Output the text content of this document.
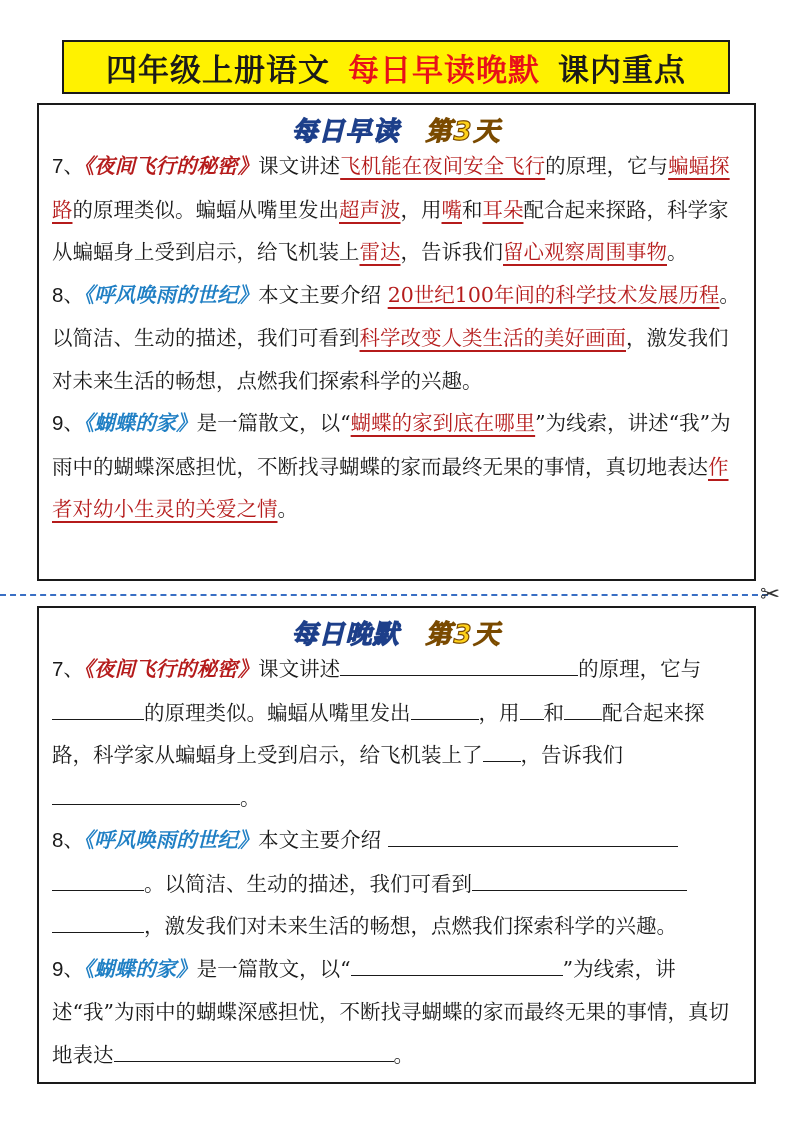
四年级上册语文 每日早读晚默 课内重点
每日早读 第3天

7、《夜间飞行的秘密》课文讲述飞机能在夜间安全飞行的原理，它与蝙蝠探路的原理类似。蝙蝠从嘴里发出超声波，用嘴和耳朵配合起来探路，科学家从蝙蝠身上受到启示，给飞机装上雷达，告诉我们留心观察周围事物。

8、《呼风唤雨的世纪》本文主要介绍 20世纪100年间的科学技术发展历程。以简洁、生动的描述，我们可看到科学改变人类生活的美好画面，激发我们对未来生活的畅想，点燃我们探索科学的兴趣。

9、《蝴蝶的家》是一篇散文，以“蝴蝶的家到底在哪里”为线索，讲述“我”为雨中的蝴蝶深感担忧，不断找寻蝴蝶的家而最终无果的事情，真切地表达作者对幼小生灵的关爱之情。

✂
每日晚默 第3天

7、《夜间飞行的秘密》课文讲述	的原理，它与的原理类似。蝙蝠从嘴里发出	，用 和 配合起来探路，科学家从蝙蝠身上受到启示，给飞机装上了 ，告诉我们。

8、《呼风唤雨的世纪》本文主要介绍 。以简洁、生动的描述，我们可看到，激发我们对未来生活的畅想，点燃我们探索科学的兴趣。

9、《蝴蝶的家》是一篇散文，以“	”为线索，讲述“我”为雨中的蝴蝶深感担忧，不断找寻蝴蝶的家而最终无果的事情，真切地表达	。
